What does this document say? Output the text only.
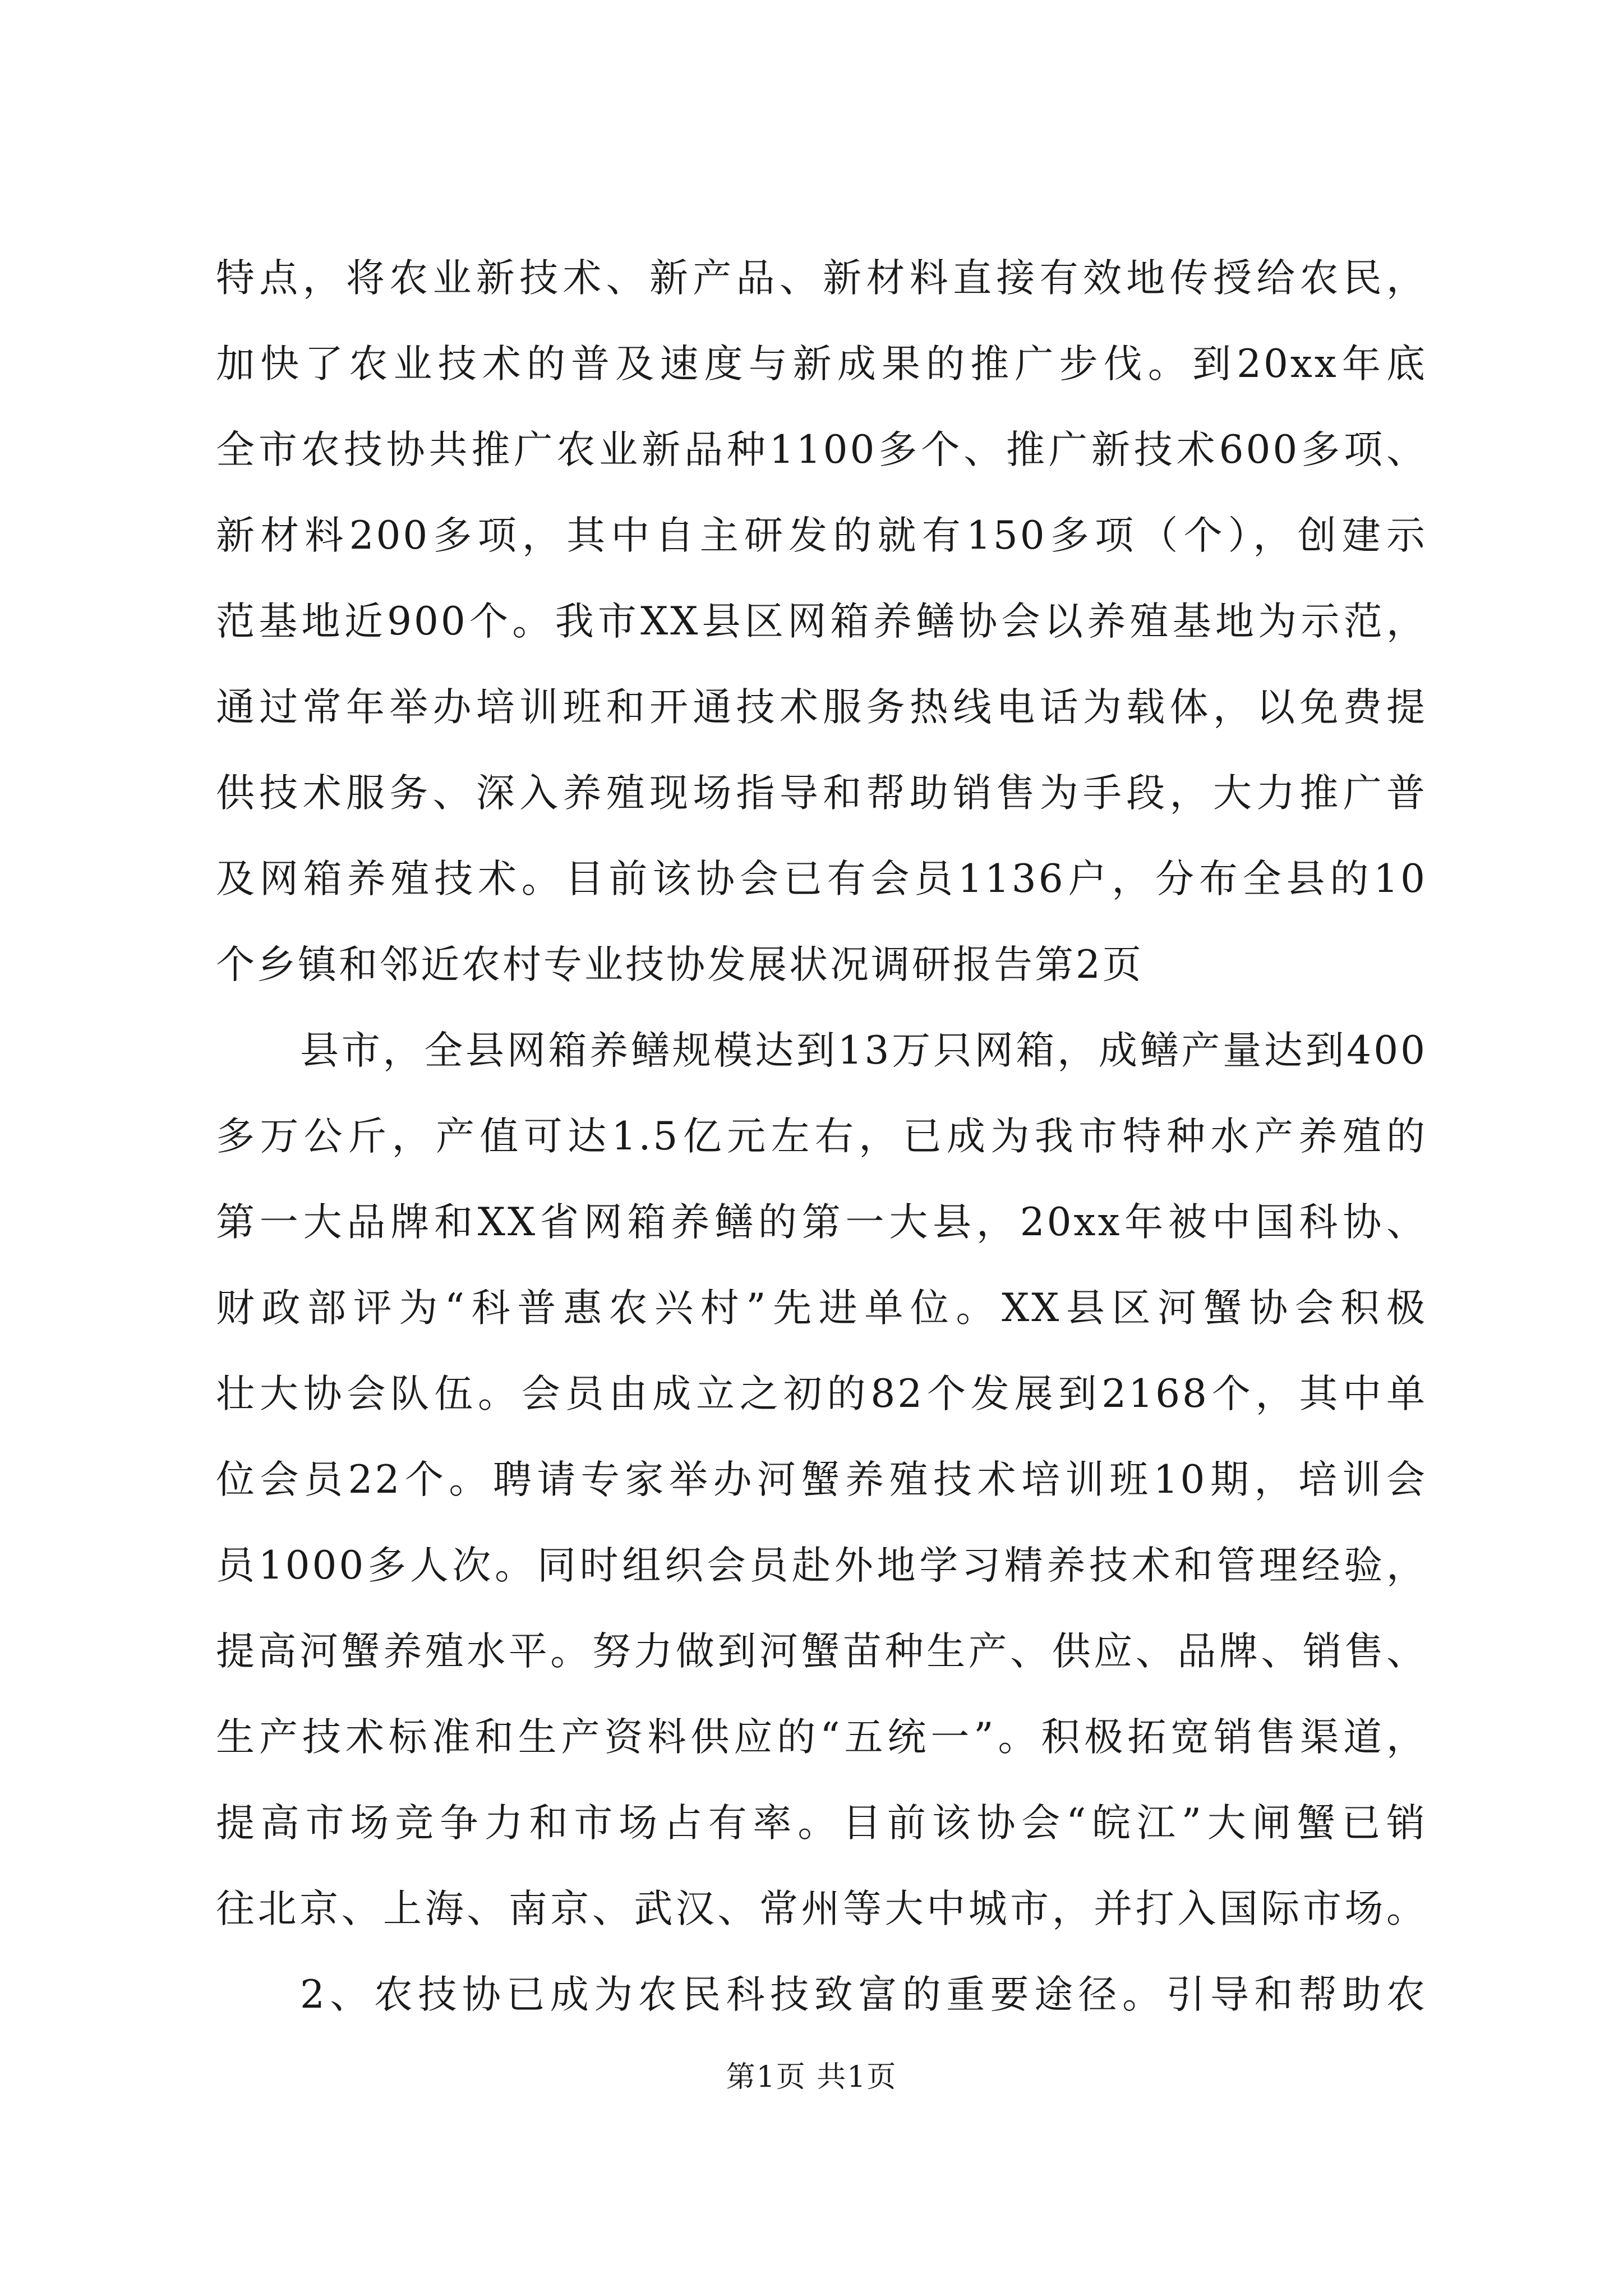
特点，将农业新技术、新产品、新材料直接有效地传授给农民，
加快了农业技术的普及速度与新成果的推广步伐。到20xx年底
全市农技协共推广农业新品种1100多个、推广新技术600多项、
新材料200多项，其中自主研发的就有150多项（个），创建示
范基地近900个。我市XX县区网箱养鳝协会以养殖基地为示范，
通过常年举办培训班和开通技术服务热线电话为载体，以免费提
供技术服务、深入养殖现场指导和帮助销售为手段，大力推广普
及网箱养殖技术。目前该协会已有会员1136户，分布全县的10
个乡镇和邻近农村专业技协发展状况调研报告第2页
县市，全县网箱养鳝规模达到13万只网箱，成鳝产量达到400
多万公斤，产值可达1.5亿元左右，已成为我市特种水产养殖的
第一大品牌和XX省网箱养鳝的第一大县，20xx年被中国科协、
财政部评为“科普惠农兴村”先进单位。XX县区河蟹协会积极
壮大协会队伍。会员由成立之初的82个发展到2168个，其中单
位会员22个。聘请专家举办河蟹养殖技术培训班10期，培训会
员1000多人次。同时组织会员赴外地学习精养技术和管理经验，
提高河蟹养殖水平。努力做到河蟹苗种生产、供应、品牌、销售、
生产技术标准和生产资料供应的“五统一”。积极拓宽销售渠道，
提高市场竞争力和市场占有率。目前该协会“皖江”大闸蟹已销
往北京、上海、南京、武汉、常州等大中城市，并打入国际市场。
2、农技协已成为农民科技致富的重要途径。引导和帮助农
第1页 共1页
